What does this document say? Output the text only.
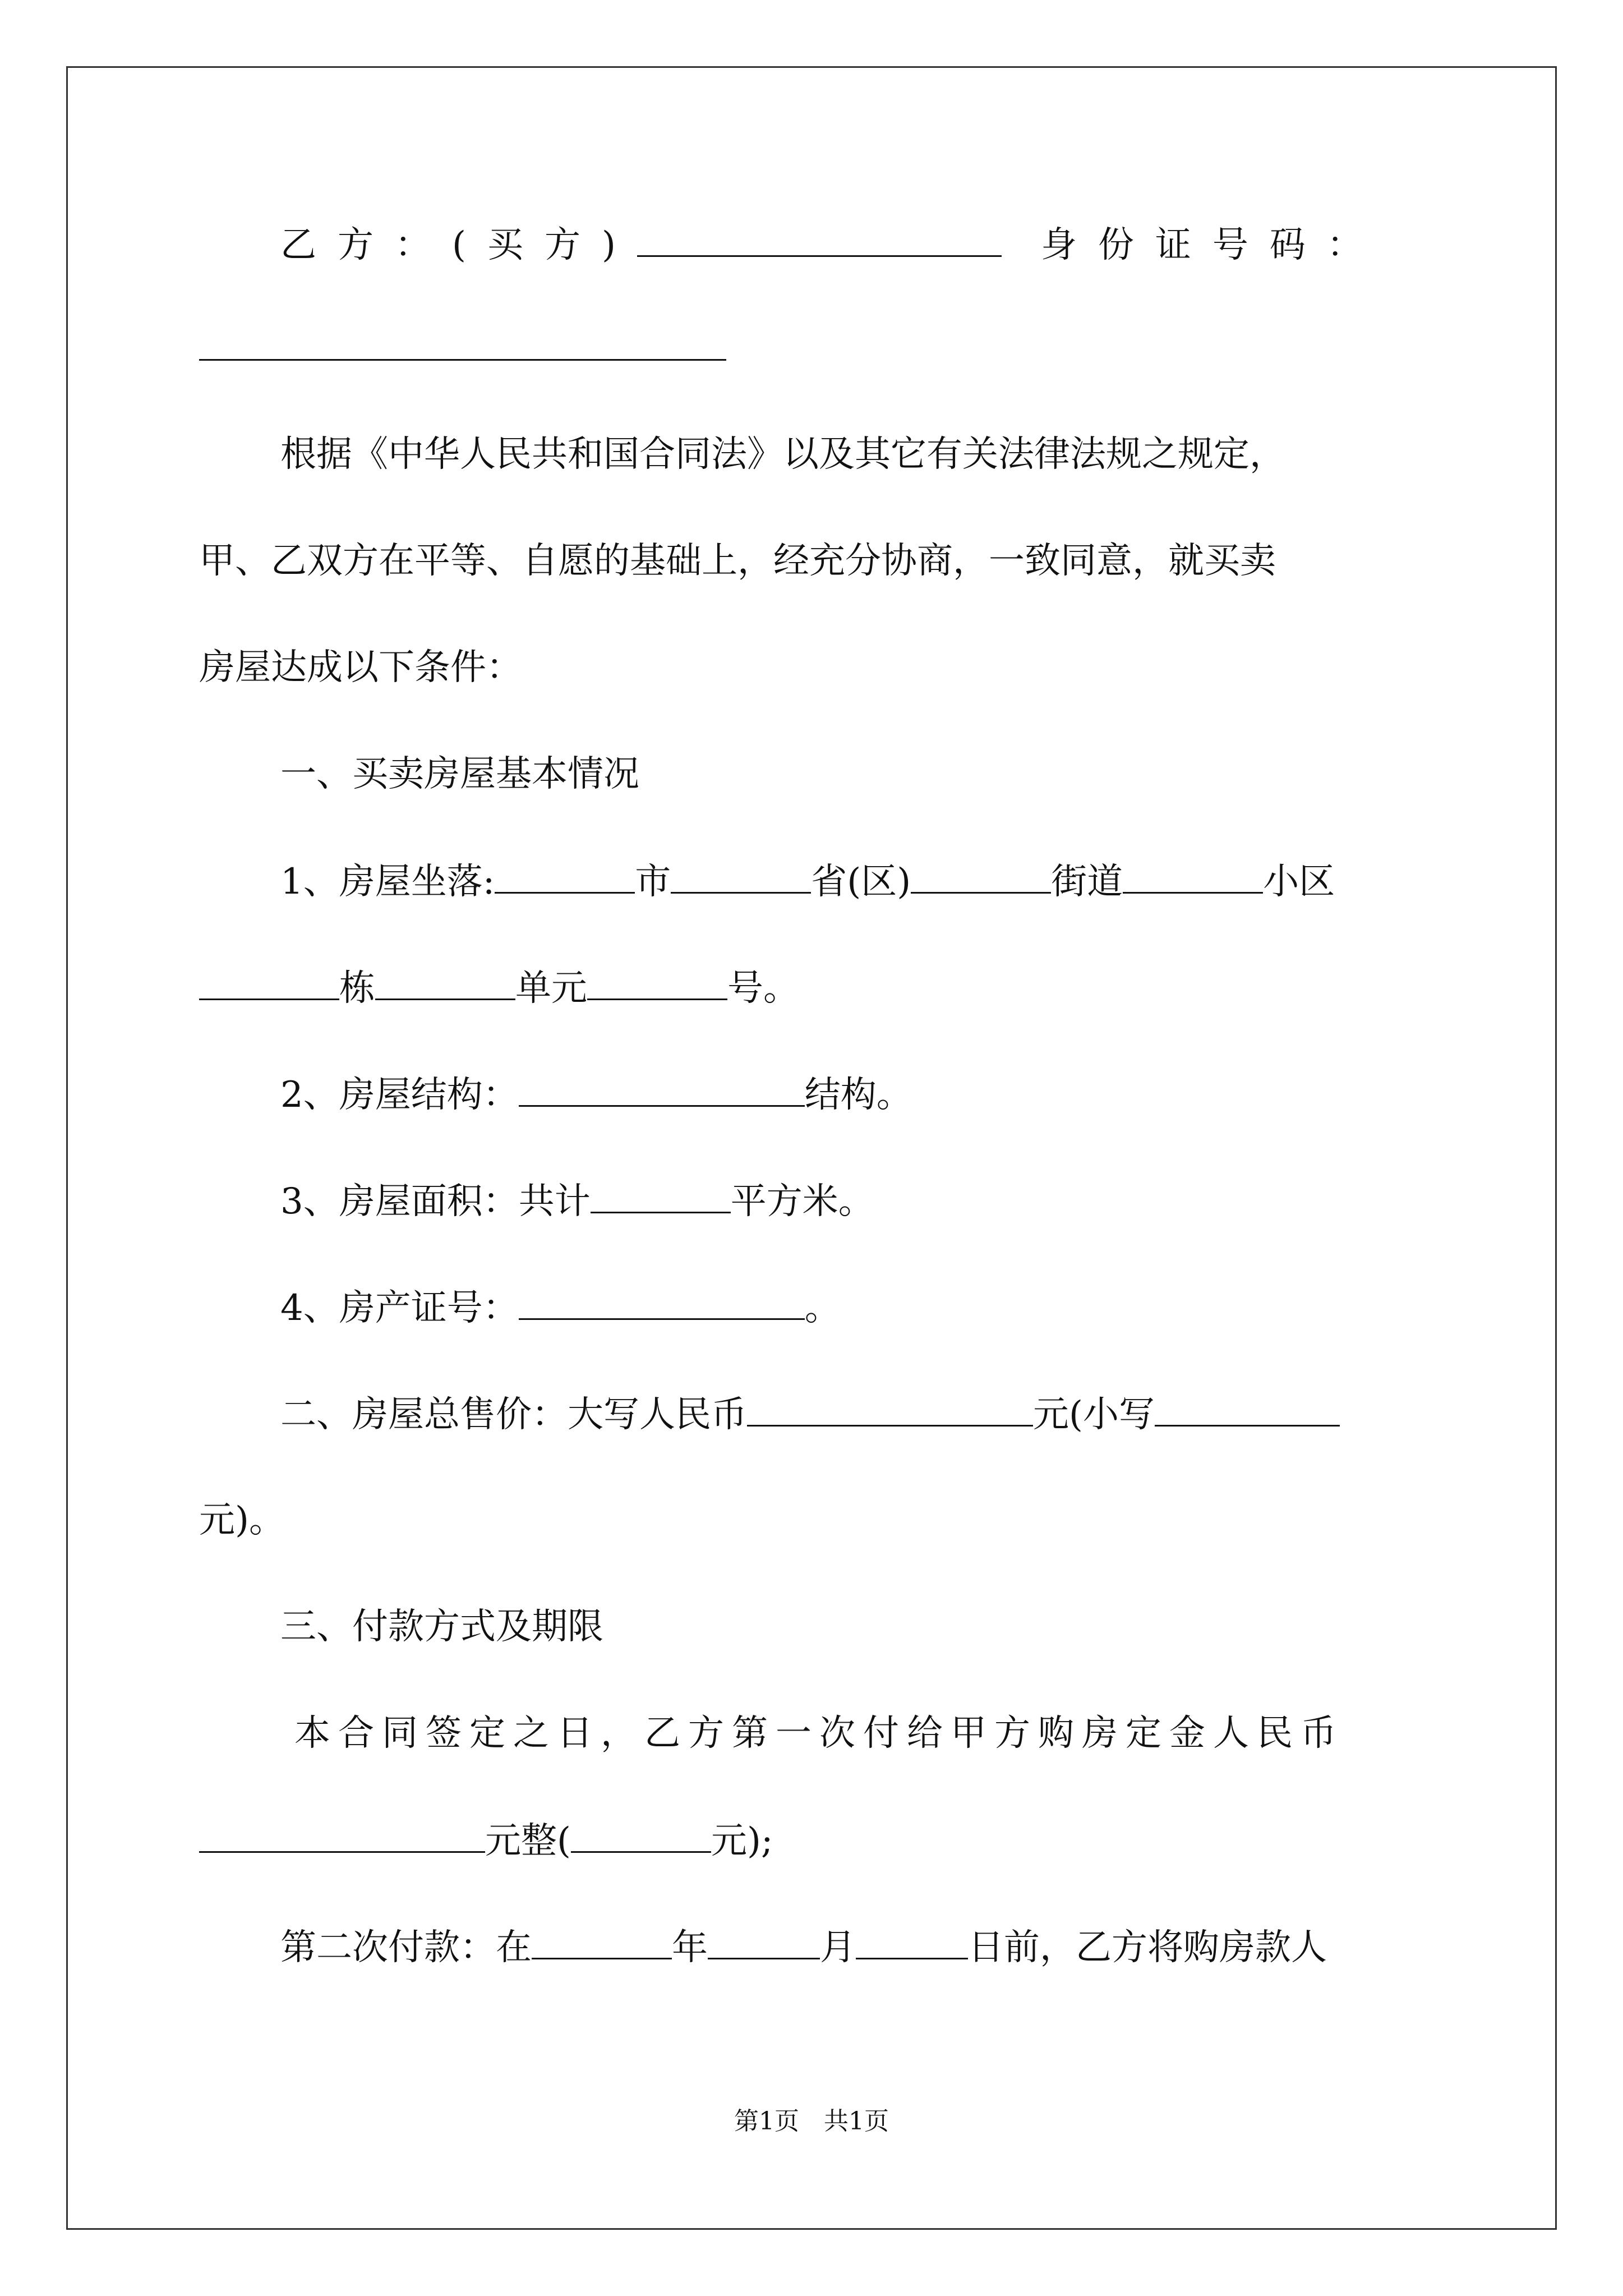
乙方：(买方)	身份证号码：
根据《中华人民共和国合同法》以及其它有关法律法规之规定，
甲、乙双方在平等、自愿的基础上，经充分协商，一致同意，就买卖
房屋达成以下条件：
一、买卖房屋基本情况
1、房屋坐落:	市	省(区)	街道	小区
栋	单元	号。
2、房屋结构：	结构。
3、房屋面积：共计	平方米。
4、房产证号：	。
二、房屋总售价：大写人民币	元(小写
元)。
三、付款方式及期限
本合同签定之日，乙方第一次付给甲方购房定金人民币
元整(	元);
第二次付款：在	年	月	日前，乙方将购房款人
第1页　共1页
